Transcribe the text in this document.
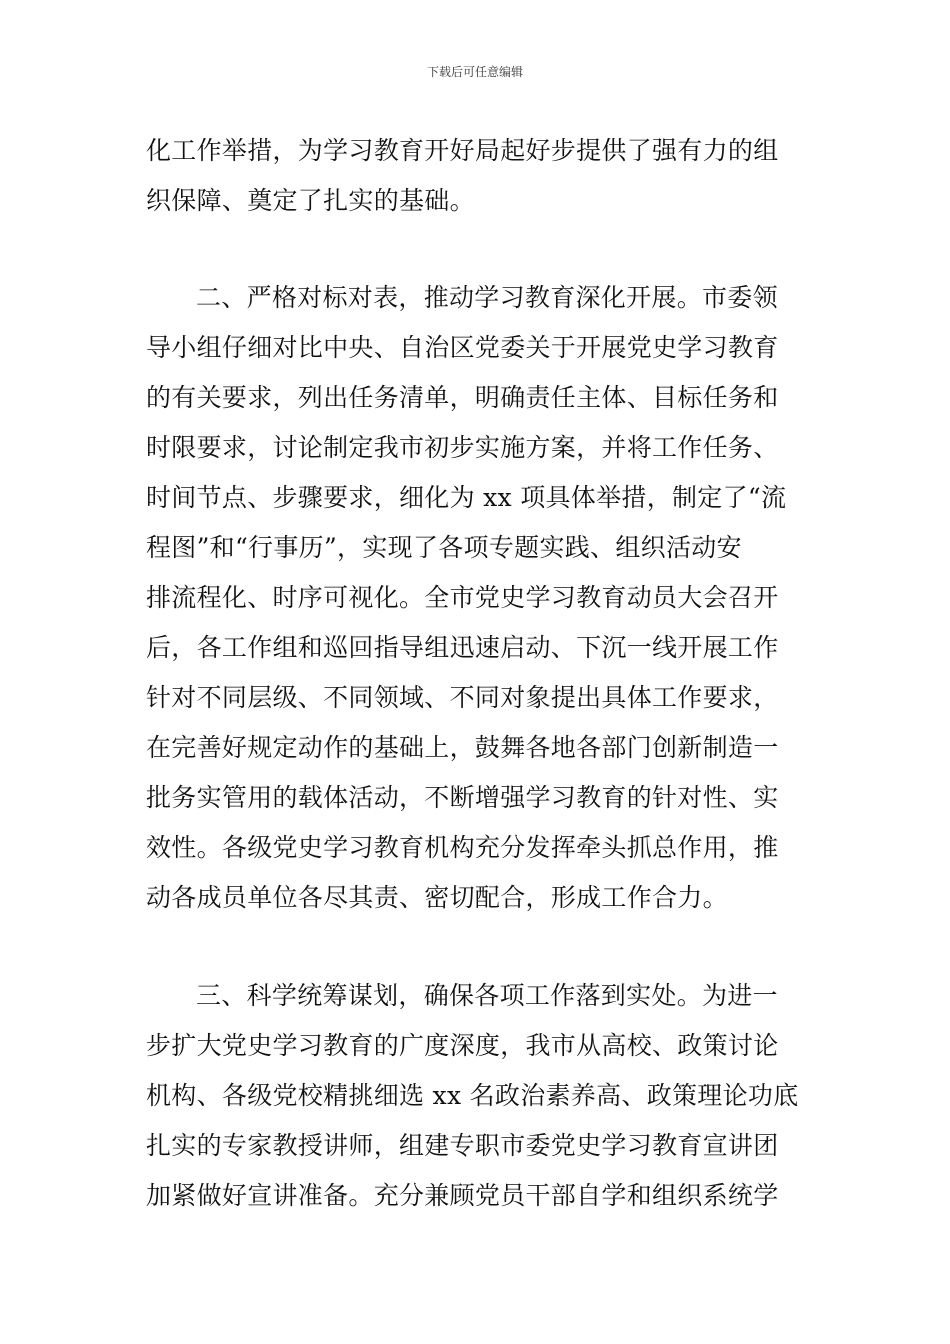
下载后可任意编辑
化工作举措，为学习教育开好局起好步提供了强有力的组
织保障、奠定了扎实的基础。
二、严格对标对表，推动学习教育深化开展。市委领
导小组仔细对比中央、自治区党委关于开展党史学习教育
的有关要求，列出任务清单，明确责任主体、目标任务和
时限要求，讨论制定我市初步实施方案，并将工作任务、
时间节点、步骤要求，细化为 xx 项具体举措，制定了“流
程图”和“行事历”，实现了各项专题实践、组织活动安
排流程化、时序可视化。全市党史学习教育动员大会召开
后，各工作组和巡回指导组迅速启动、下沉一线开展工作
针对不同层级、不同领域、不同对象提出具体工作要求，
在完善好规定动作的基础上，鼓舞各地各部门创新制造一
批务实管用的载体活动，不断增强学习教育的针对性、实
效性。各级党史学习教育机构充分发挥牵头抓总作用，推
动各成员单位各尽其责、密切配合，形成工作合力。
三、科学统筹谋划，确保各项工作落到实处。为进一
步扩大党史学习教育的广度深度，我市从高校、政策讨论
机构、各级党校精挑细选 xx 名政治素养高、政策理论功底
扎实的专家教授讲师，组建专职市委党史学习教育宣讲团
加紧做好宣讲准备。充分兼顾党员干部自学和组织系统学
